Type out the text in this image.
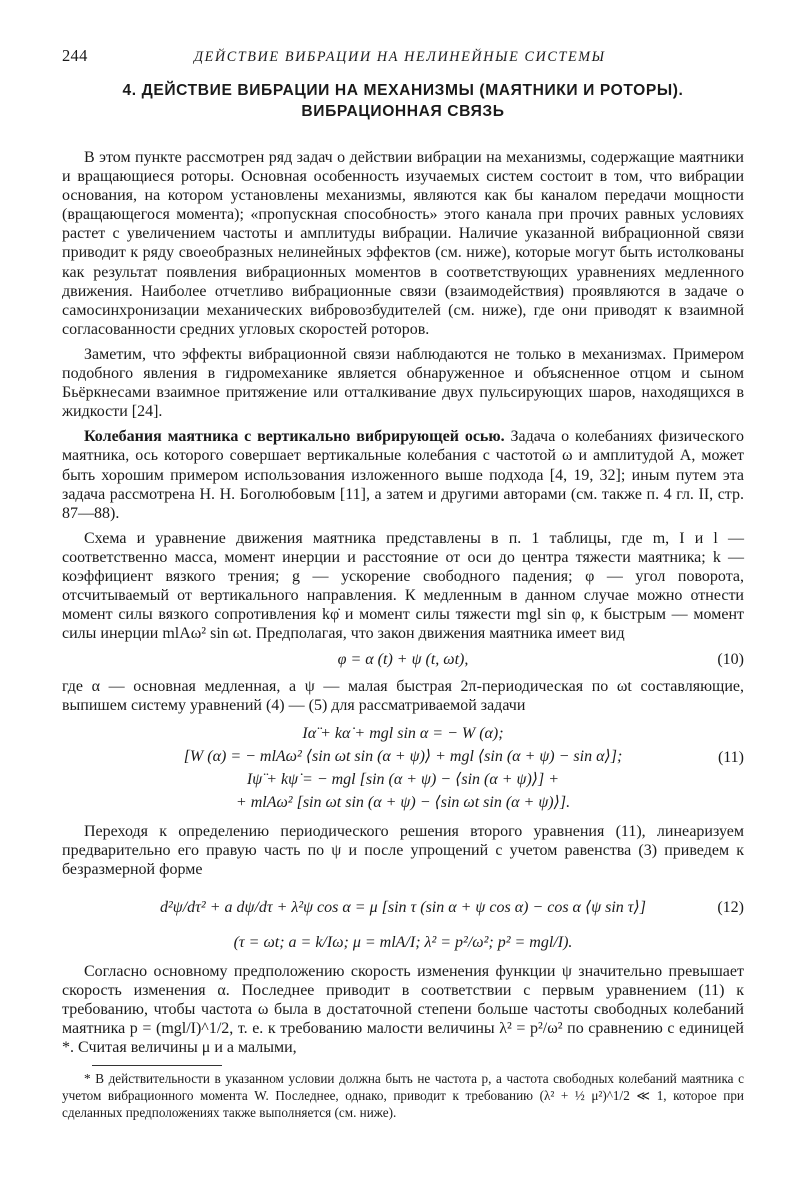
244	ДЕЙСТВИЕ ВИБРАЦИИ НА НЕЛИНЕЙНЫЕ СИСТЕМЫ
4. ДЕЙСТВИЕ ВИБРАЦИИ НА МЕХАНИЗМЫ (МАЯТНИКИ И РОТОРЫ).
ВИБРАЦИОННАЯ СВЯЗЬ

В этом пункте рассмотрен ряд задач о действии вибрации на механизмы, содержащие маятники и вращающиеся роторы. Основная особенность изучаемых систем состоит в том, что вибрации основания, на котором установлены механизмы, являются как бы каналом передачи мощности (вращающегося момента); «пропускная способность» этого канала при прочих равных условиях растет с увеличением частоты и амплитуды вибрации. Наличие указанной вибрационной связи приводит к ряду своеобразных нелинейных эффектов (см. ниже), которые могут быть истолкованы как результат появления вибрационных моментов в соответствующих уравнениях медленного движения. Наиболее отчетливо вибрационные связи (взаимодействия) проявляются в задаче о самосинхронизации механических вибровозбудителей (см. ниже), где они приводят к взаимной согласованности средних угловых скоростей роторов.

Заметим, что эффекты вибрационной связи наблюдаются не только в механизмах. Примером подобного явления в гидромеханике является обнаруженное и объясненное отцом и сыном Бьёркнесами взаимное притяжение или отталкивание двух пульсирующих шаров, находящихся в жидкости [24].

Колебания маятника с вертикально вибрирующей осью. Задача о колебаниях физического маятника, ось которого совершает вертикальные колебания с частотой ω и амплитудой A, может быть хорошим примером использования изложенного выше подхода [4, 19, 32]; иным путем эта задача рассмотрена Н. Н. Боголюбовым [11], а затем и другими авторами (см. также п. 4 гл. II, стр. 87—88).

Схема и уравнение движения маятника представлены в п. 1 таблицы, где m, I и l — соответственно масса, момент инерции и расстояние от оси до центра тяжести маятника; k — коэффициент вязкого трения; g — ускорение свободного падения; φ — угол поворота, отсчитываемый от вертикального направления. К медленным в данном случае можно отнести момент силы вязкого сопротивления kφ̇ и момент силы тяжести mgl sin φ, к быстрым — момент силы инерции mlAω² sin ωt. Предполагая, что закон движения маятника имеет вид

φ = α (t) + ψ (t, ωt),	(10)

где α — основная медленная, а ψ — малая быстрая 2π-периодическая по ωt составляющие, выпишем систему уравнений (4) — (5) для рассматриваемой задачи

Iα̈ + kα̇ + mgl sin α = − W (α);
[W (α) = − mlAω² ⟨sin ωt sin (α + ψ)⟩ + mgl ⟨sin (α + ψ) − sin α⟩];
Iψ̈ + kψ̇ = − mgl [sin (α + ψ) − ⟨sin (α + ψ)⟩] +
+ mlAω² [sin ωt sin (α + ψ) − ⟨sin ωt sin (α + ψ)⟩].
(11)

Переходя к определению периодического решения второго уравнения (11), линеаризуем предварительно его правую часть по ψ и после упрощений с учетом равенства (3) приведем к безразмерной форме

d²ψ/dτ² + a dψ/dτ + λ²ψ cos α = μ [sin τ (sin α + ψ cos α) − cos α ⟨ψ sin τ⟩]	(12)
(τ = ωt; a = k/Iω; μ = mlA/I; λ² = p²/ω²; p² = mgl/I).

Согласно основному предположению скорость изменения функции ψ значительно превышает скорость изменения α. Последнее приводит в соответствии с первым уравнением (11) к требованию, чтобы частота ω была в достаточной степени больше частоты свободных колебаний маятника p = (mgl/I)^1/2, т. е. к требованию малости величины λ² = p²/ω² по сравнению с единицей *. Считая величины μ и a малыми,

* В действительности в указанном условии должна быть не частота p, а частота свободных колебаний маятника с учетом вибрационного момента W. Последнее, однако, приводит к требованию (λ² + ½ μ²)^1/2 ≪ 1, которое при сделанных предположениях также выполняется (см. ниже).
